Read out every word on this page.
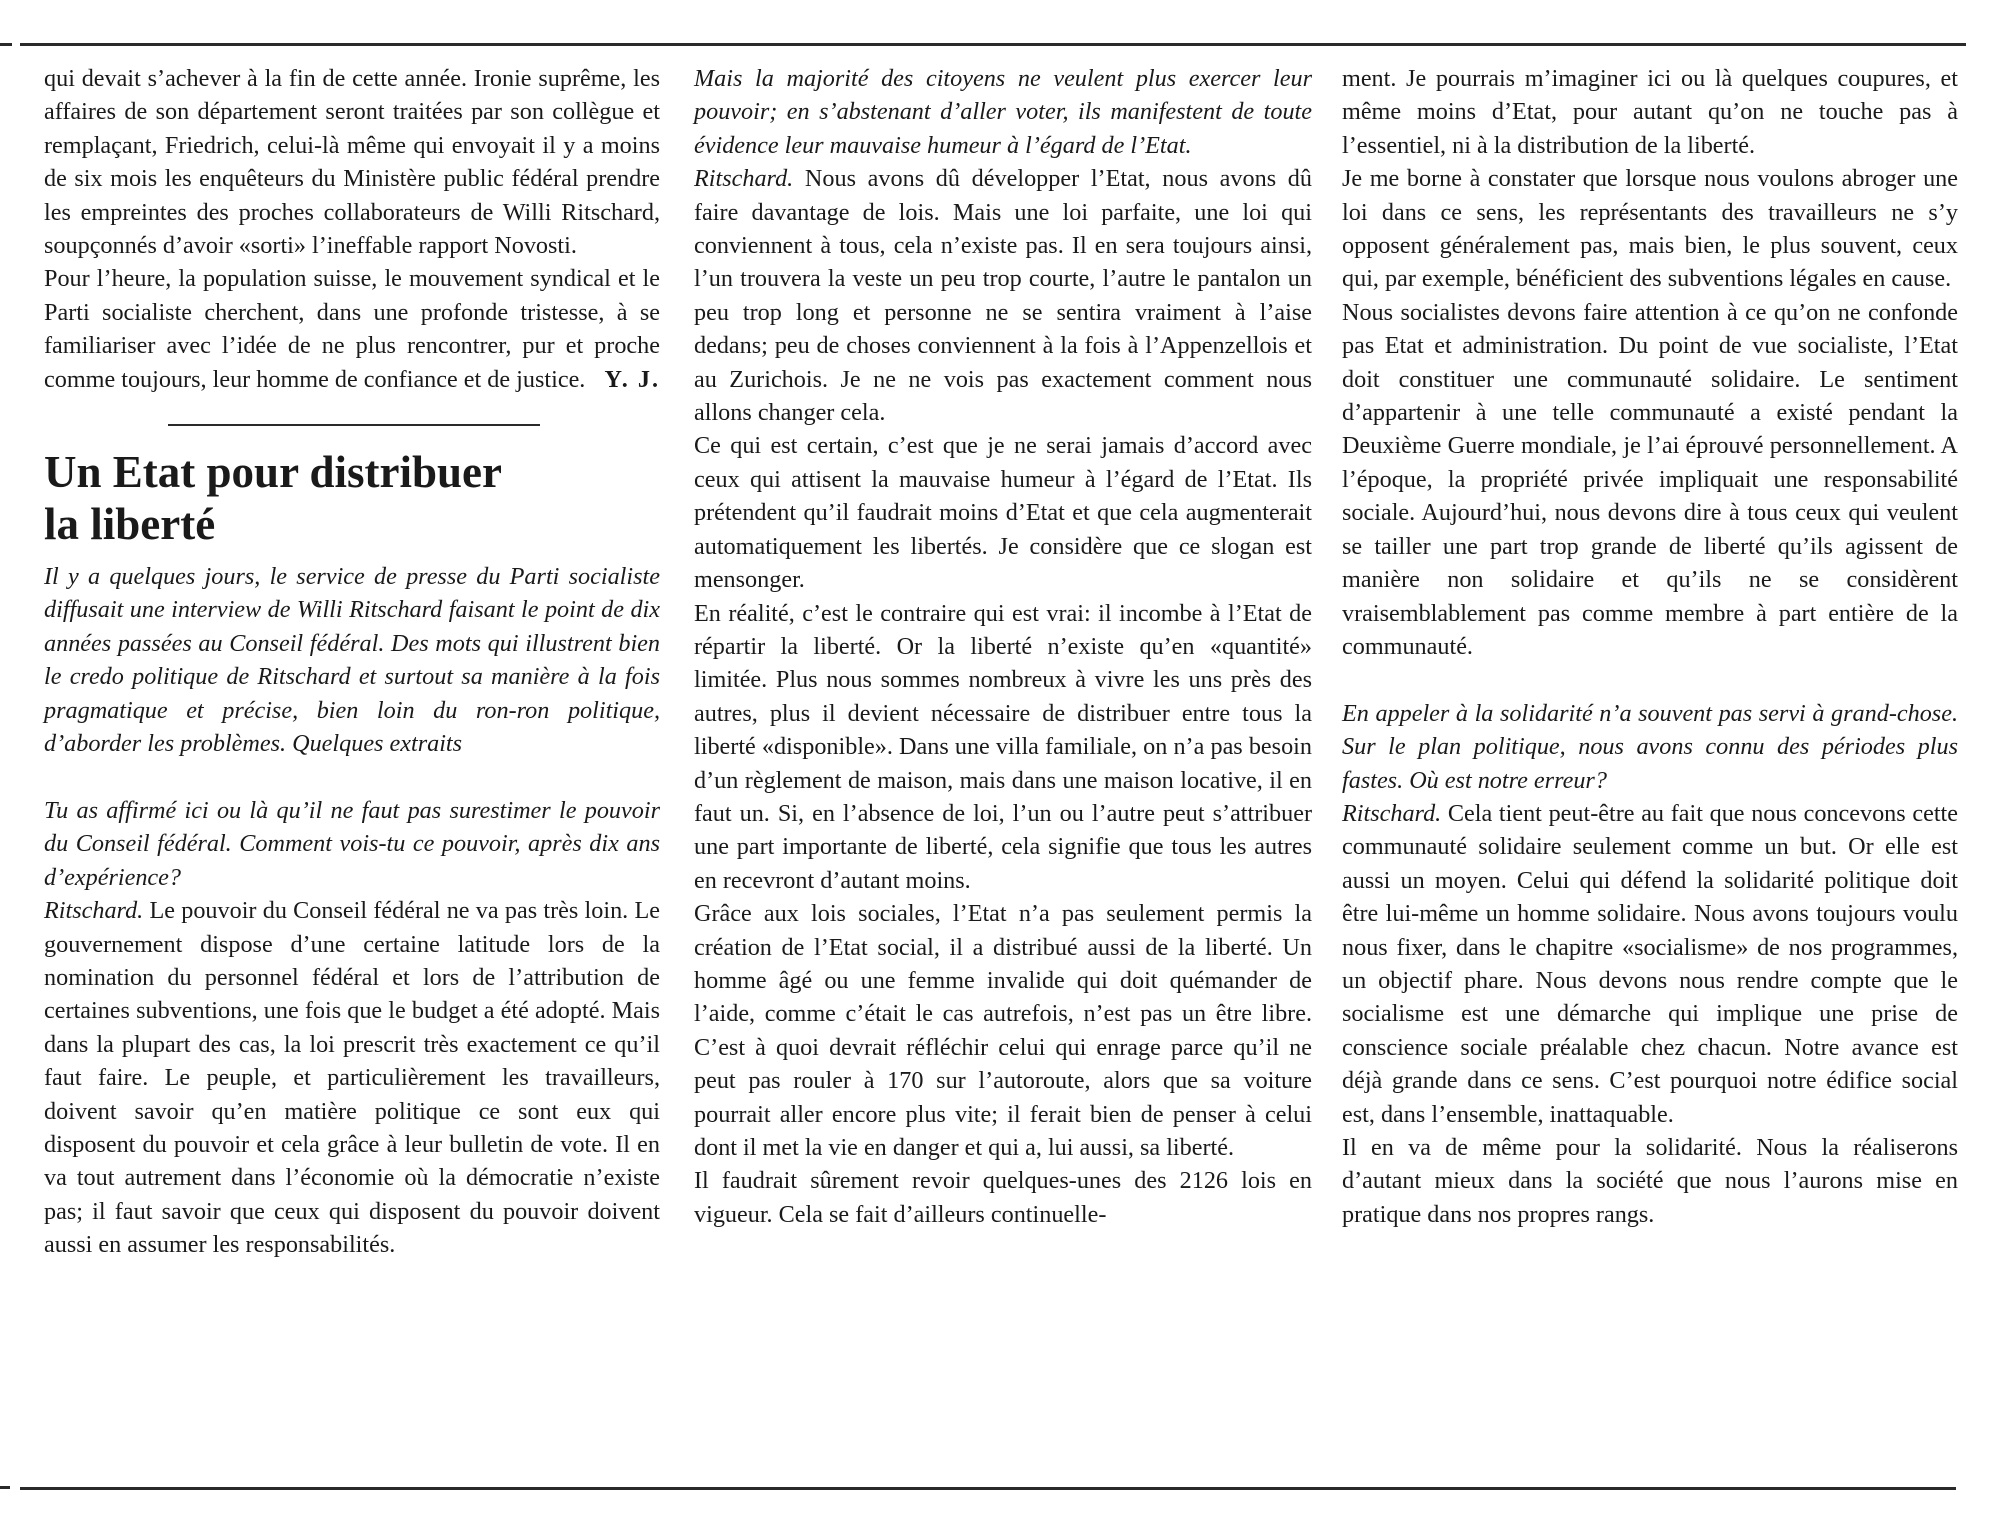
qui devait s’achever à la fin de cette année. Ironie suprême, les affaires de son département seront traitées par son collègue et remplaçant, Friedrich, celui-là même qui envoyait il y a moins de six mois les enquêteurs du Ministère public fédéral prendre les empreintes des proches collaborateurs de Willi Ritschard, soupçonnés d’avoir «sorti» l’ineffable rapport Novosti.

Pour l’heure, la population suisse, le mouvement syndical et le Parti socialiste cherchent, dans une profonde tristesse, à se familiariser avec l’idée de ne plus rencontrer, pur et proche comme toujours, leur homme de confiance et de justice. Y. J.

Un Etat pour distribuer
la liberté

Il y a quelques jours, le service de presse du Parti socialiste diffusait une interview de Willi Ritschard faisant le point de dix années passées au Conseil fédéral. Des mots qui illustrent bien le credo politique de Ritschard et surtout sa manière à la fois pragmatique et précise, bien loin du ron-ron politique, d’aborder les problèmes. Quelques extraits

Tu as affirmé ici ou là qu’il ne faut pas surestimer le pouvoir du Conseil fédéral. Comment vois-tu ce pouvoir, après dix ans d’expérience?

Ritschard. Le pouvoir du Conseil fédéral ne va pas très loin. Le gouvernement dispose d’une certaine latitude lors de la nomination du personnel fédéral et lors de l’attribution de certaines subventions, une fois que le budget a été adopté. Mais dans la plupart des cas, la loi prescrit très exactement ce qu’il faut faire. Le peuple, et particulièrement les travailleurs, doivent savoir qu’en matière politique ce sont eux qui disposent du pouvoir et cela grâce à leur bulletin de vote. Il en va tout autrement dans l’économie où la démocratie n’existe pas; il faut savoir que ceux qui disposent du pouvoir doivent aussi en assumer les responsabilités.

Mais la majorité des citoyens ne veulent plus exercer leur pouvoir; en s’abstenant d’aller voter, ils manifestent de toute évidence leur mauvaise humeur à l’égard de l’Etat.

Ritschard. Nous avons dû développer l’Etat, nous avons dû faire davantage de lois. Mais une loi parfaite, une loi qui conviennent à tous, cela n’existe pas. Il en sera toujours ainsi, l’un trouvera la veste un peu trop courte, l’autre le pantalon un peu trop long et personne ne se sentira vraiment à l’aise dedans; peu de choses conviennent à la fois à l’Appenzellois et au Zurichois. Je ne ne vois pas exactement comment nous allons changer cela.

Ce qui est certain, c’est que je ne serai jamais d’accord avec ceux qui attisent la mauvaise humeur à l’égard de l’Etat. Ils prétendent qu’il faudrait moins d’Etat et que cela augmenterait automatiquement les libertés. Je considère que ce slogan est mensonger.

En réalité, c’est le contraire qui est vrai: il incombe à l’Etat de répartir la liberté. Or la liberté n’existe qu’en «quantité» limitée. Plus nous sommes nombreux à vivre les uns près des autres, plus il devient nécessaire de distribuer entre tous la liberté «disponible». Dans une villa familiale, on n’a pas besoin d’un règlement de maison, mais dans une maison locative, il en faut un. Si, en l’absence de loi, l’un ou l’autre peut s’attribuer une part importante de liberté, cela signifie que tous les autres en recevront d’autant moins.

Grâce aux lois sociales, l’Etat n’a pas seulement permis la création de l’Etat social, il a distribué aussi de la liberté. Un homme âgé ou une femme invalide qui doit quémander de l’aide, comme c’était le cas autrefois, n’est pas un être libre. C’est à quoi devrait réfléchir celui qui enrage parce qu’il ne peut pas rouler à 170 sur l’autoroute, alors que sa voiture pourrait aller encore plus vite; il ferait bien de penser à celui dont il met la vie en danger et qui a, lui aussi, sa liberté.

Il faudrait sûrement revoir quelques-unes des 2126 lois en vigueur. Cela se fait d’ailleurs continuelle-

ment. Je pourrais m’imaginer ici ou là quelques coupures, et même moins d’Etat, pour autant qu’on ne touche pas à l’essentiel, ni à la distribution de la liberté.

Je me borne à constater que lorsque nous voulons abroger une loi dans ce sens, les représentants des travailleurs ne s’y opposent généralement pas, mais bien, le plus souvent, ceux qui, par exemple, bénéficient des subventions légales en cause.

Nous socialistes devons faire attention à ce qu’on ne confonde pas Etat et administration. Du point de vue socialiste, l’Etat doit constituer une communauté solidaire. Le sentiment d’appartenir à une telle communauté a existé pendant la Deuxième Guerre mondiale, je l’ai éprouvé personnellement. A l’époque, la propriété privée impliquait une responsabilité sociale. Aujourd’hui, nous devons dire à tous ceux qui veulent se tailler une part trop grande de liberté qu’ils agissent de manière non solidaire et qu’ils ne se considèrent vraisemblablement pas comme membre à part entière de la communauté.

En appeler à la solidarité n’a souvent pas servi à grand-chose. Sur le plan politique, nous avons connu des périodes plus fastes. Où est notre erreur?

Ritschard. Cela tient peut-être au fait que nous concevons cette communauté solidaire seulement comme un but. Or elle est aussi un moyen. Celui qui défend la solidarité politique doit être lui-même un homme solidaire. Nous avons toujours voulu nous fixer, dans le chapitre «socialisme» de nos programmes, un objectif phare. Nous devons nous rendre compte que le socialisme est une démarche qui implique une prise de conscience sociale préalable chez chacun. Notre avance est déjà grande dans ce sens. C’est pourquoi notre édifice social est, dans l’ensemble, inattaquable.

Il en va de même pour la solidarité. Nous la réaliserons d’autant mieux dans la société que nous l’aurons mise en pratique dans nos propres rangs.
